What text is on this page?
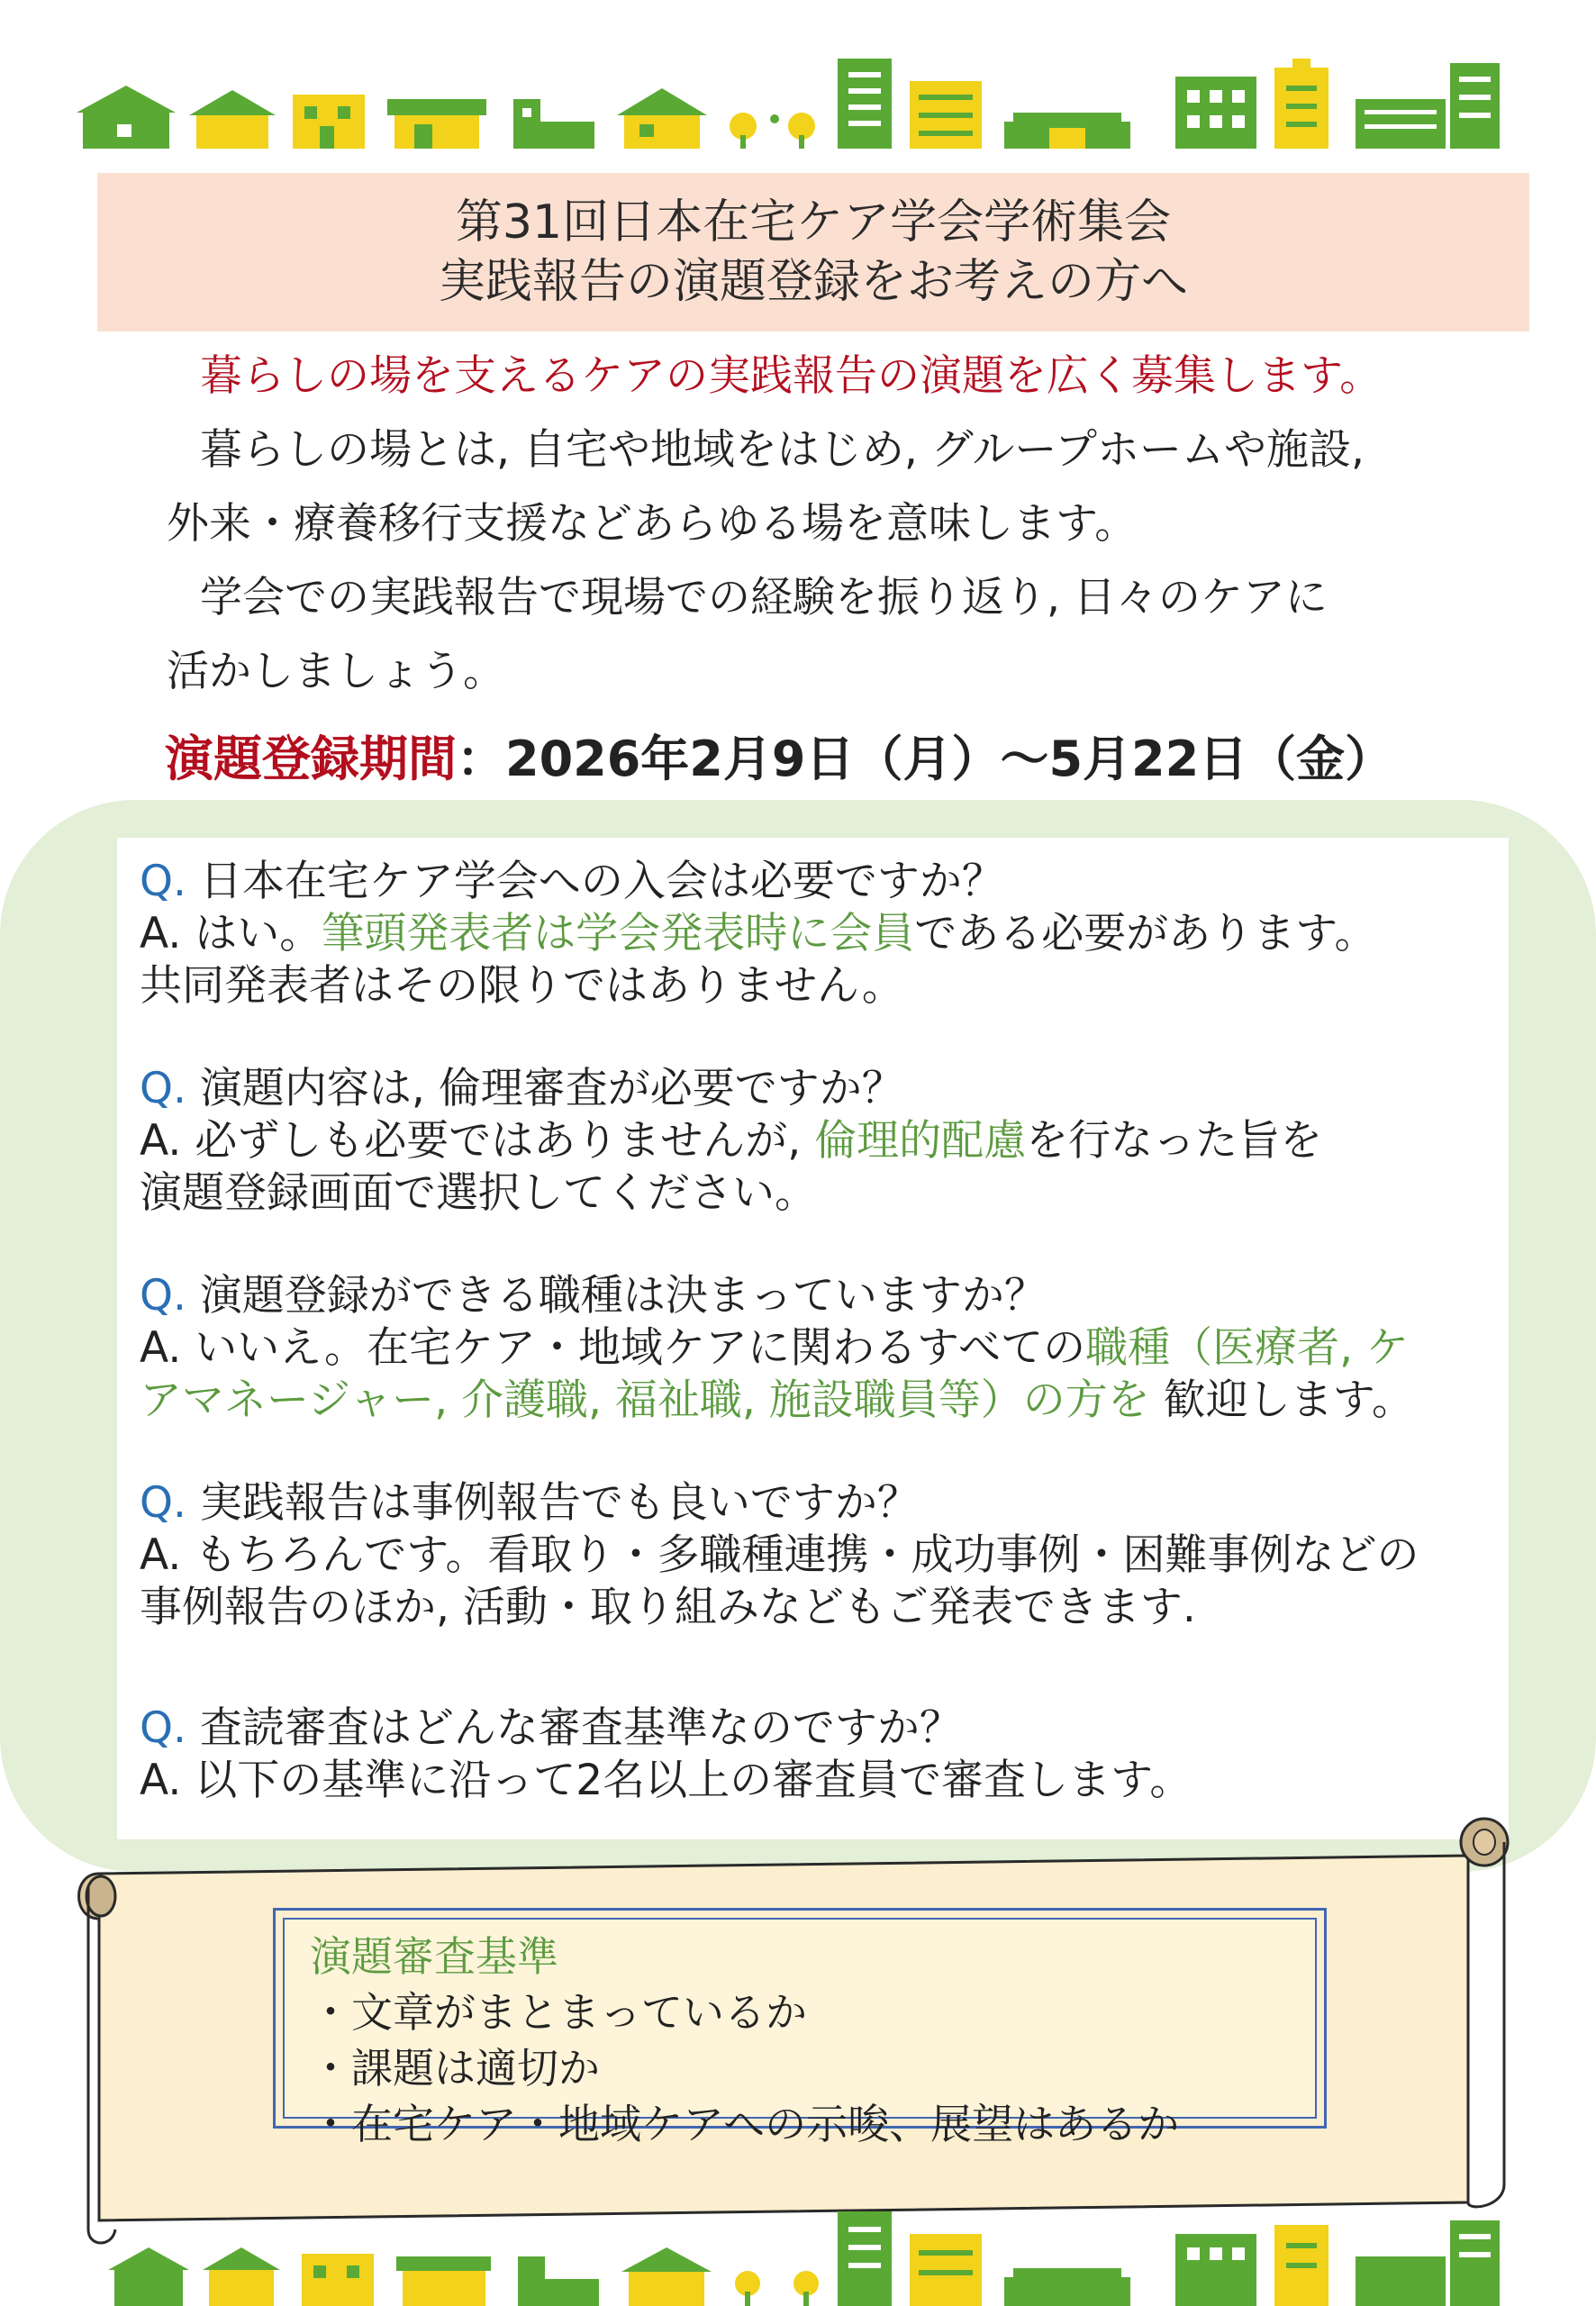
第31回日本在宅ケア学会学術集会
実践報告の演題登録をお考えの方へ
暮らしの場を支えるケアの実践報告の演題を広く募集します。
暮らしの場とは, 自宅や地域をはじめ, グループホームや施設,
外来・療養移行支援などあらゆる場を意味します。
学会での実践報告で現場での経験を振り返り, 日々のケアに
活かしましょう。
演題登録期間：2026年2月9日（月）～5月22日（金）

Q. 日本在宅ケア学会への入会は必要ですか？

A. はい。筆頭発表者は学会発表時に会員である必要があります。

共同発表者はその限りではありません。

Q. 演題内容は, 倫理審査が必要ですか？

A. 必ずしも必要ではありませんが, 倫理的配慮を行なった旨を

演題登録画面で選択してください。

Q. 演題登録ができる職種は決まっていますか？

A. いいえ。在宅ケア・地域ケアに関わるすべての職種（医療者, ケ

アマネージャー, 介護職, 福祉職, 施設職員等）の方を 歓迎します。

Q. 実践報告は事例報告でも良いですか？

A. もちろんです。看取り・多職種連携・成功事例・困難事例などの

事例報告のほか, 活動・取り組みなどもご発表できます.

Q. 査読審査はどんな審査基準なのですか？

A. 以下の基準に沿って2名以上の審査員で審査します。

演題審査基準
・文章がまとまっているか
・課題は適切か
・在宅ケア・地域ケアへの示唆、展望はあるか
